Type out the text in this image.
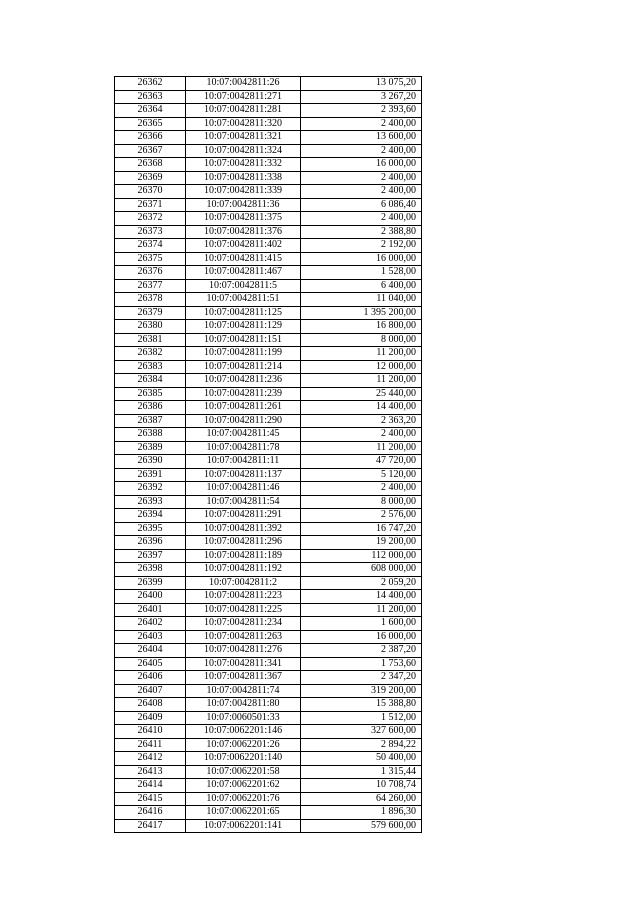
26362	10:07:0042811:26	13 075,20
26363	10:07:0042811:271	3 267,20
26364	10:07:0042811:281	2 393,60
26365	10:07:0042811:320	2 400,00
26366	10:07:0042811:321	13 600,00
26367	10:07:0042811:324	2 400,00
26368	10:07:0042811:332	16 000,00
26369	10:07:0042811:338	2 400,00
26370	10:07:0042811:339	2 400,00
26371	10:07:0042811:36	6 086,40
26372	10:07:0042811:375	2 400,00
26373	10:07:0042811:376	2 388,80
26374	10:07:0042811:402	2 192,00
26375	10:07:0042811:415	16 000,00
26376	10:07:0042811:467	1 528,00
26377	10:07:0042811:5	6 400,00
26378	10:07:0042811:51	11 040,00
26379	10:07:0042811:125	1 395 200,00
26380	10:07:0042811:129	16 800,00
26381	10:07:0042811:151	8 000,00
26382	10:07:0042811:199	11 200,00
26383	10:07:0042811:214	12 000,00
26384	10:07:0042811:236	11 200,00
26385	10:07:0042811:239	25 440,00
26386	10:07:0042811:261	14 400,00
26387	10:07:0042811:290	2 363,20
26388	10:07:0042811:45	2 400,00
26389	10:07:0042811:78	11 200,00
26390	10:07:0042811:11	47 720,00
26391	10:07:0042811:137	5 120,00
26392	10:07:0042811:46	2 400,00
26393	10:07:0042811:54	8 000,00
26394	10:07:0042811:291	2 576,00
26395	10:07:0042811:392	16 747,20
26396	10:07:0042811:296	19 200,00
26397	10:07:0042811:189	112 000,00
26398	10:07:0042811:192	608 000,00
26399	10:07:0042811:2	2 059,20
26400	10:07:0042811:223	14 400,00
26401	10:07:0042811:225	11 200,00
26402	10:07:0042811:234	1 600,00
26403	10:07:0042811:263	16 000,00
26404	10:07:0042811:276	2 387,20
26405	10:07:0042811:341	1 753,60
26406	10:07:0042811:367	2 347,20
26407	10:07:0042811:74	319 200,00
26408	10:07:0042811:80	15 388,80
26409	10:07:0060501:33	1 512,00
26410	10:07:0062201:146	327 600,00
26411	10:07:0062201:26	2 894,22
26412	10:07:0062201:140	50 400,00
26413	10:07:0062201:58	1 315,44
26414	10:07:0062201:62	10 708,74
26415	10:07:0062201:76	64 260,00
26416	10:07:0062201:65	1 896,30
26417	10:07:0062201:141	579 600,00
